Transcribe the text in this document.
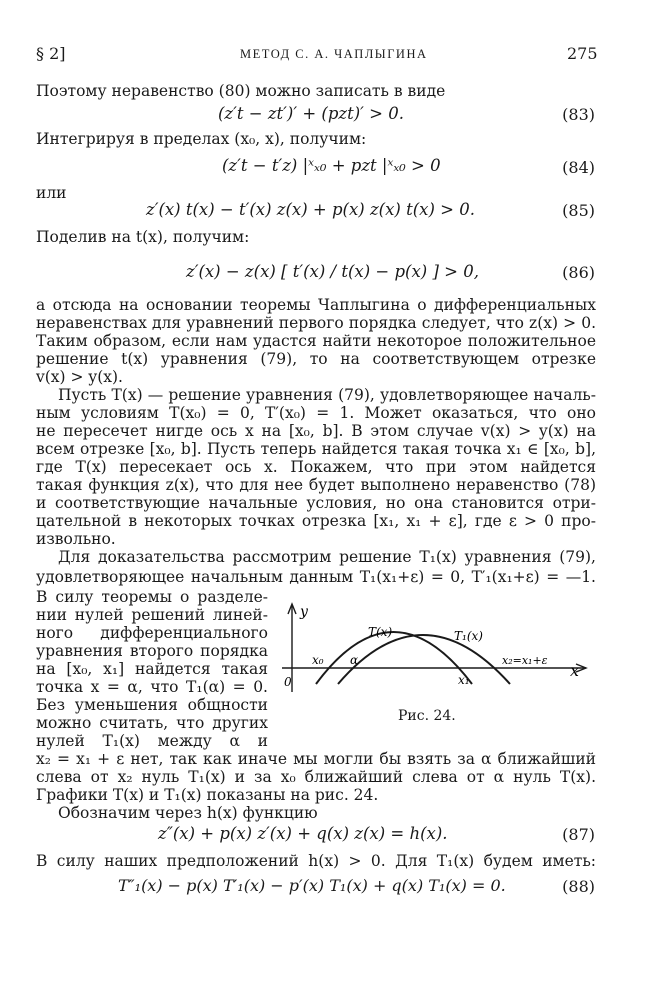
§ 2]	МЕТОД С. А. ЧАПЛЫГИНА	275
Поэтому неравенство (80) можно записать в виде
(z′t − zt′)′ + (pzt)′ > 0.	(83)
Интегрируя в пределах (x₀, x), получим:
(z′t − t′z) |ˣₓ₀ + pzt |ˣₓ₀ > 0	(84)
или
z′(x) t(x) − t′(x) z(x) + p(x) z(x) t(x) > 0.	(85)
Поделив на t(x), получим:
z′(x) − z(x) [ t′(x) / t(x) − p(x) ] > 0,	(86)
а отсюда на основании теоремы Чаплыгина о дифференциальных
неравенствах для уравнений первого порядка следует, что z(x) > 0.
Таким образом, если нам удастся найти некоторое положительное
решение t(x) уравнения (79), то на соответствующем отрезке
v(x) > y(x).
Пусть T(x) — решение уравнения (79), удовлетворяющее началь-
ным условиям T(x₀) = 0, T′(x₀) = 1. Может оказаться, что оно
не пересечет нигде ось x на [x₀, b]. В этом случае v(x) > y(x) на
всем отрезке [x₀, b]. Пусть теперь найдется такая точка x₁ ∈ [x₀, b],
где T(x) пересекает ось x. Покажем, что при этом найдется
такая функция z(x), что для нее будет выполнено неравенство (78)
и соответствующие начальные условия, но она становится отри-
цательной в некоторых точках отрезка [x₁, x₁ + ε], где ε > 0 про-
извольно.
Для доказательства рассмотрим решение T₁(x) уравнения (79),
удовлетворяющее начальным данным T₁(x₁+ε) = 0, T′₁(x₁+ε) = —1.
В силу теоремы о разделе-
нии нулей решений линей-
ного дифференциального
уравнения второго порядка
на [x₀, x₁] найдется такая
точка x = α, что T₁(α) = 0.
Без уменьшения общности
можно считать, что других
нулей T₁(x) между α и
y
x
0
T(x)	T₁(x)
x₀ α
x₁
x₂=x₁+ε
Рис. 24.
x₂ = x₁ + ε нет, так как иначе мы могли бы взять за α ближайший
слева от x₂ нуль T₁(x) и за x₀ ближайший слева от α нуль T(x).
Графики T(x) и T₁(x) показаны на рис. 24.
Обозначим через h(x) функцию
z″(x) + p(x) z′(x) + q(x) z(x) = h(x).	(87)
В силу наших предположений h(x) > 0. Для T₁(x) будем иметь:
T″₁(x) − p(x) T′₁(x) − p′(x) T₁(x) + q(x) T₁(x) = 0.	(88)
